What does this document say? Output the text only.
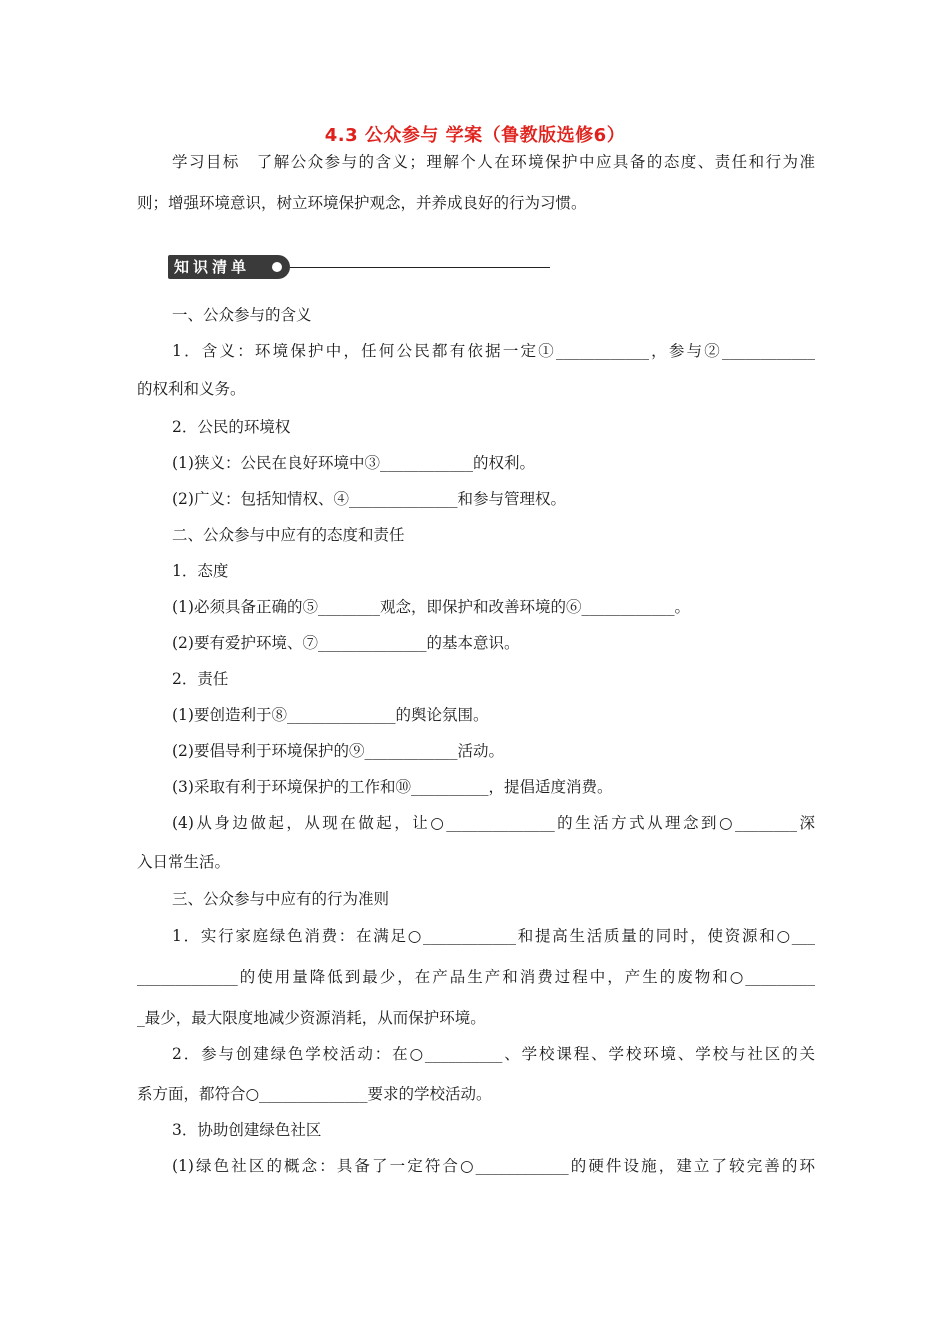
4.3 公众参与 学案（鲁教版选修6）
学习目标　了解公众参与的含义；理解个人在环境保护中应具备的态度、责任和行为准
则；增强环境意识，树立环境保护观念，并养成良好的行为习惯。
知识清单
一、公众参与的含义
1．含义：环境保护中，任何公民都有依据一定①____________，参与②____________
的权利和义务。
2．公民的环境权
(1)狭义：公民在良好环境中③____________的权利。
(2)广义：包括知情权、④______________和参与管理权。
二、公众参与中应有的态度和责任
1．态度
(1)必须具备正确的⑤________观念，即保护和改善环境的⑥____________。
(2)要有爱护环境、⑦______________的基本意识。
2．责任
(1)要创造利于⑧______________的舆论氛围。
(2)要倡导利于环境保护的⑨____________活动。
(3)采取有利于环境保护的工作和⑩__________，提倡适度消费。
(4)从身边做起，从现在做起，让○______________的生活方式从理念到○________深
入日常生活。
三、公众参与中应有的行为准则
1．实行家庭绿色消费：在满足○____________和提高生活质量的同时，使资源和○___
_____________的使用量降低到最少，在产品生产和消费过程中，产生的废物和○_________
_最少，最大限度地减少资源消耗，从而保护环境。
2．参与创建绿色学校活动：在○__________、学校课程、学校环境、学校与社区的关
系方面，都符合○______________要求的学校活动。
3．协助创建绿色社区
(1)绿色社区的概念：具备了一定符合○____________的硬件设施，建立了较完善的环
